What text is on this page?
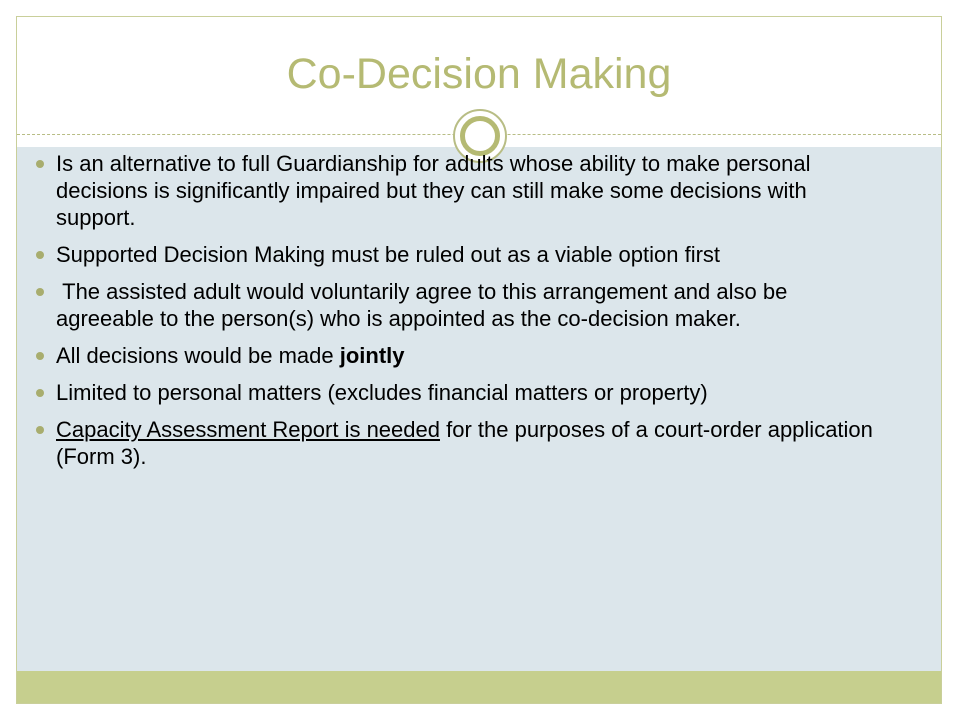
Co-Decision Making
Is an alternative to full Guardianship for adults whose ability to make personal decisions is significantly impaired but they can still make some decisions with support.
Supported Decision Making must be ruled out as a viable option first
The assisted adult would voluntarily agree to this arrangement and also be agreeable to the person(s) who is appointed as the co-decision maker.
All decisions would be made jointly
Limited to personal matters (excludes financial matters or property)
Capacity Assessment Report is needed for the purposes of a court-order application (Form 3).
